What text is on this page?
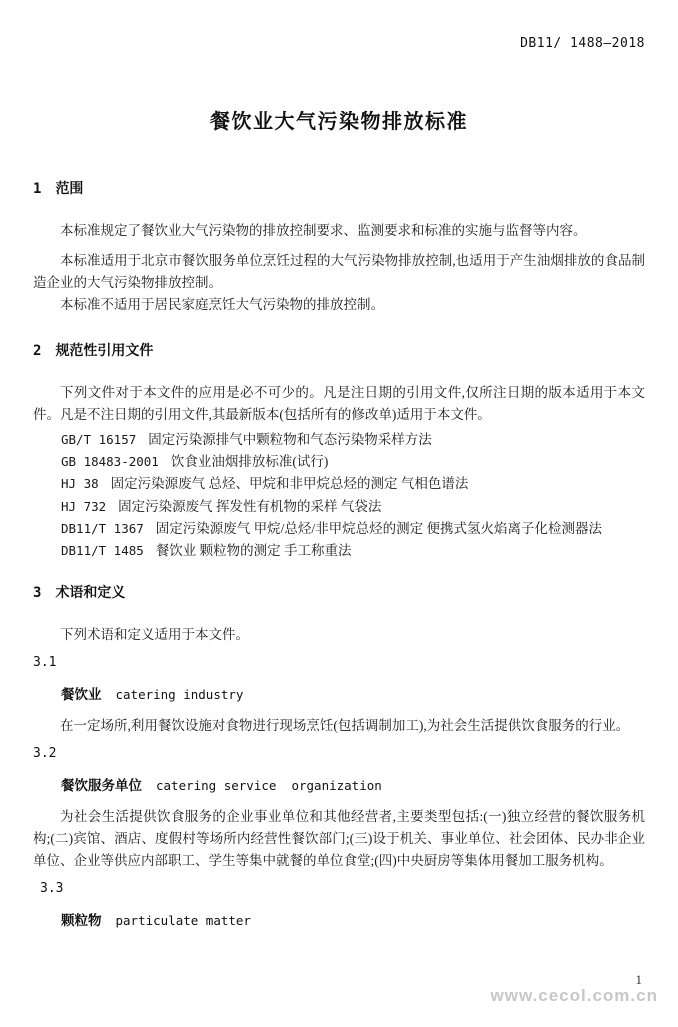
DB11/ 1488—2018
餐饮业大气污染物排放标准
1 范围

本标准规定了餐饮业大气污染物的排放控制要求、监测要求和标准的实施与监督等内容。

本标准适用于北京市餐饮服务单位烹饪过程的大气污染物排放控制,也适用于产生油烟排放的食品制造企业的大气污染物排放控制。

本标准不适用于居民家庭烹饪大气污染物的排放控制。

2 规范性引用文件

下列文件对于本文件的应用是必不可少的。凡是注日期的引用文件,仅所注日期的版本适用于本文件。凡是不注日期的引用文件,其最新版本(包括所有的修改单)适用于本文件。

GB/T 16157 固定污染源排气中颗粒物和气态污染物采样方法
GB 18483-2001 饮食业油烟排放标准(试行)
HJ 38 固定污染源废气 总烃、甲烷和非甲烷总烃的测定 气相色谱法
HJ 732 固定污染源废气 挥发性有机物的采样 气袋法
DB11/T 1367 固定污染源废气 甲烷/总烃/非甲烷总烃的测定 便携式氢火焰离子化检测器法
DB11/T 1485 餐饮业 颗粒物的测定 手工称重法
3 术语和定义

下列术语和定义适用于本文件。

3.1
餐饮业 catering industry

在一定场所,利用餐饮设施对食物进行现场烹饪(包括调制加工),为社会生活提供饮食服务的行业。

3.2
餐饮服务单位 catering service  organization

为社会生活提供饮食服务的企业事业单位和其他经营者,主要类型包括:(一)独立经营的餐饮服务机构;(二)宾馆、酒店、度假村等场所内经营性餐饮部门;(三)设于机关、事业单位、社会团体、民办非企业单位、企业等供应内部职工、学生等集中就餐的单位食堂;(四)中央厨房等集体用餐加工服务机构。

3.3
颗粒物 particulate matter
1
www.cecol.com.cn
